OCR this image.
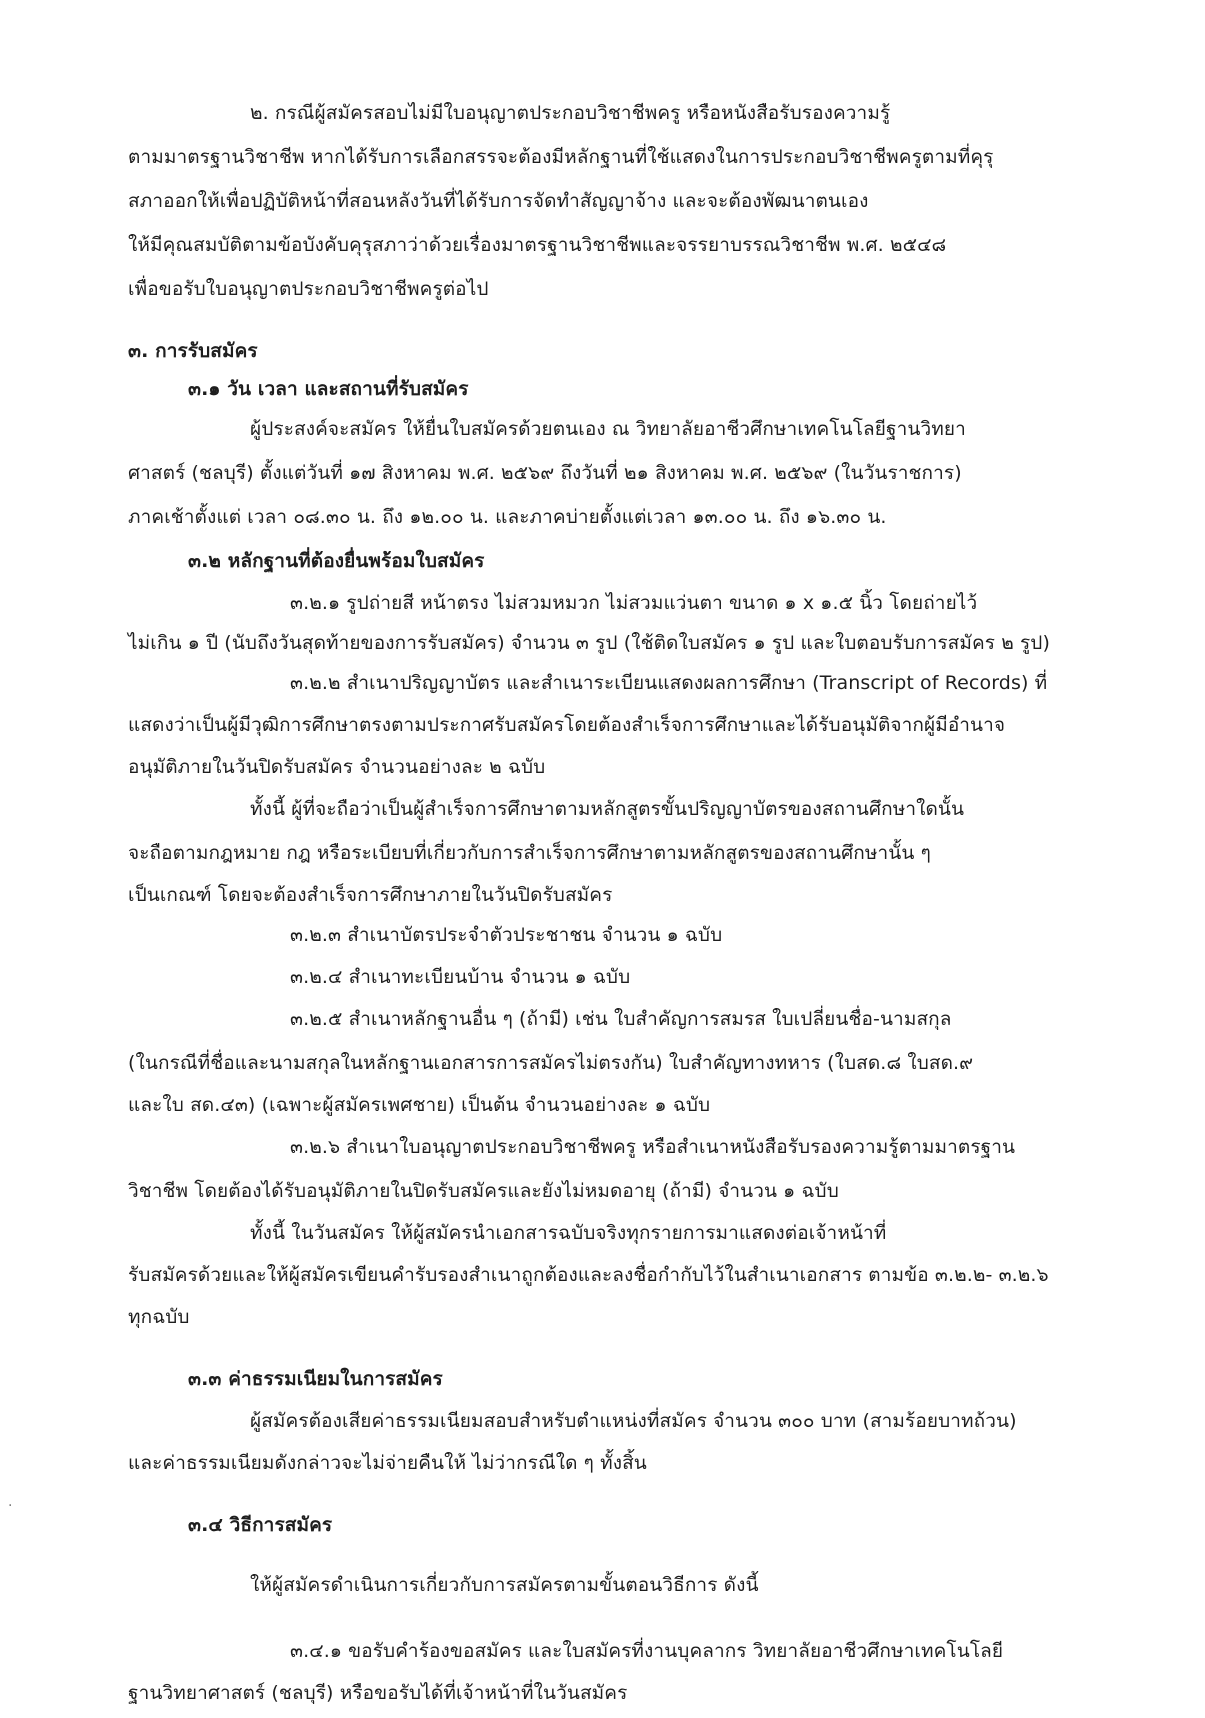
๒. กรณีผู้สมัครสอบไม่มีใบอนุญาตประกอบวิชาชีพครู หรือหนังสือรับรองความรู้
ตามมาตรฐานวิชาชีพ หากได้รับการเลือกสรรจะต้องมีหลักฐานที่ใช้แสดงในการประกอบวิชาชีพครูตามที่คุรุ
สภาออกให้เพื่อปฏิบัติหน้าที่สอนหลังวันที่ได้รับการจัดทำสัญญาจ้าง และจะต้องพัฒนาตนเอง
ให้มีคุณสมบัติตามข้อบังคับคุรุสภาว่าด้วยเรื่องมาตรฐานวิชาชีพและจรรยาบรรณวิชาชีพ พ.ศ. ๒๕๔๘
เพื่อขอรับใบอนุญาตประกอบวิชาชีพครูต่อไป
๓. การรับสมัคร
๓.๑ วัน เวลา และสถานที่รับสมัคร
ผู้ประสงค์จะสมัคร ให้ยื่นใบสมัครด้วยตนเอง ณ วิทยาลัยอาชีวศึกษาเทคโนโลยีฐานวิทยา
ศาสตร์ (ชลบุรี) ตั้งแต่วันที่ ๑๗ สิงหาคม พ.ศ. ๒๕๖๙ ถึงวันที่ ๒๑ สิงหาคม พ.ศ. ๒๕๖๙ (ในวันราชการ)
ภาคเช้าตั้งแต่ เวลา ๐๘.๓๐ น. ถึง ๑๒.๐๐ น. และภาคบ่ายตั้งแต่เวลา ๑๓.๐๐ น. ถึง ๑๖.๓๐ น.
๓.๒ หลักฐานที่ต้องยื่นพร้อมใบสมัคร
๓.๒.๑ รูปถ่ายสี หน้าตรง ไม่สวมหมวก ไม่สวมแว่นตา ขนาด ๑ x ๑.๕ นิ้ว โดยถ่ายไว้
ไม่เกิน ๑ ปี (นับถึงวันสุดท้ายของการรับสมัคร) จำนวน ๓ รูป (ใช้ติดใบสมัคร ๑ รูป และใบตอบรับการสมัคร ๒ รูป)
๓.๒.๒ สำเนาปริญญาบัตร และสำเนาระเบียนแสดงผลการศึกษา (Transcript of Records) ที่
แสดงว่าเป็นผู้มีวุฒิการศึกษาตรงตามประกาศรับสมัครโดยต้องสำเร็จการศึกษาและได้รับอนุมัติจากผู้มีอำนาจ
อนุมัติภายในวันปิดรับสมัคร จำนวนอย่างละ ๒ ฉบับ
ทั้งนี้ ผู้ที่จะถือว่าเป็นผู้สำเร็จการศึกษาตามหลักสูตรขั้นปริญญาบัตรของสถานศึกษาใดนั้น
จะถือตามกฎหมาย กฎ หรือระเบียบที่เกี่ยวกับการสำเร็จการศึกษาตามหลักสูตรของสถานศึกษานั้น ๆ
เป็นเกณฑ์ โดยจะต้องสำเร็จการศึกษาภายในวันปิดรับสมัคร
๓.๒.๓ สำเนาบัตรประจำตัวประชาชน จำนวน ๑ ฉบับ
๓.๒.๔ สำเนาทะเบียนบ้าน จำนวน ๑ ฉบับ
๓.๒.๕ สำเนาหลักฐานอื่น ๆ (ถ้ามี) เช่น ใบสำคัญการสมรส ใบเปลี่ยนชื่อ-นามสกุล
(ในกรณีที่ชื่อและนามสกุลในหลักฐานเอกสารการสมัครไม่ตรงกัน) ใบสำคัญทางทหาร (ใบสด.๘ ใบสด.๙
และใบ สด.๔๓) (เฉพาะผู้สมัครเพศชาย) เป็นต้น จำนวนอย่างละ ๑ ฉบับ
๓.๒.๖ สำเนาใบอนุญาตประกอบวิชาชีพครู หรือสำเนาหนังสือรับรองความรู้ตามมาตรฐาน
วิชาชีพ โดยต้องได้รับอนุมัติภายในปิดรับสมัครและยังไม่หมดอายุ (ถ้ามี) จำนวน ๑ ฉบับ
ทั้งนี้ ในวันสมัคร ให้ผู้สมัครนำเอกสารฉบับจริงทุกรายการมาแสดงต่อเจ้าหน้าที่
รับสมัครด้วยและให้ผู้สมัครเขียนคำรับรองสำเนาถูกต้องและลงชื่อกำกับไว้ในสำเนาเอกสาร ตามข้อ ๓.๒.๒- ๓.๒.๖
ทุกฉบับ
๓.๓ ค่าธรรมเนียมในการสมัคร
ผู้สมัครต้องเสียค่าธรรมเนียมสอบสำหรับตำแหน่งที่สมัคร จำนวน ๓๐๐ บาท (สามร้อยบาทถ้วน)
และค่าธรรมเนียมดังกล่าวจะไม่จ่ายคืนให้ ไม่ว่ากรณีใด ๆ ทั้งสิ้น
๓.๔ วิธีการสมัคร
ให้ผู้สมัครดำเนินการเกี่ยวกับการสมัครตามขั้นตอนวิธีการ ดังนี้
๓.๔.๑ ขอรับคำร้องขอสมัคร และใบสมัครที่งานบุคลากร วิทยาลัยอาชีวศึกษาเทคโนโลยี
ฐานวิทยาศาสตร์ (ชลบุรี) หรือขอรับได้ที่เจ้าหน้าที่ในวันสมัคร
.
